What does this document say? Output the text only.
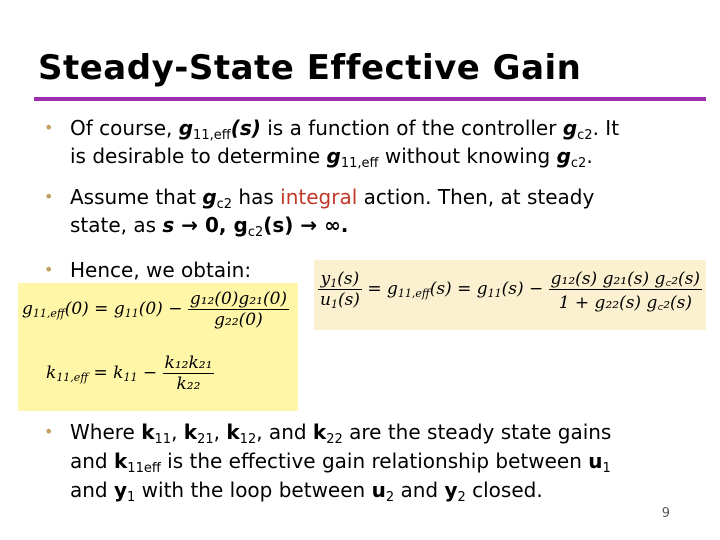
Steady-State Effective Gain
• Of course, $g_{11,eff}(s)$ is a function of the controller $g_{c2}$. It
is desirable to determine $g_{11,eff}$ without knowing $g_{c2}$.
• Assume that $g_{c2}$ has integral action. Then, at steady
state, as s → 0, $g_{c2}(s)$ → ∞.
• Hence, we obtain:	$\frac{y1(s)}{u1(s)} = g11,eff(s) = g11(s) - \frac{\text{g₁₂(s) g₂₁(s) g꜀₂(s)}}{\text{1 + g₂₂(s) g꜀₂(s)}}$
$g11,eff(0) = g11(0) - \frac{\text{g₁₂(0)g₂₁(0)}}{\text{g₂₂(0)}}$
$k11,eff = k11 - \frac{\text{k₁₂k₂₁}}{\text{k₂₂}}$
• Where $k_{11}$, $k_{21}$, $k_{12}$, and $k_{22}$ are the steady state gains
and $k_{11eff}$ is the effective gain relationship between $u_1$
and $y_1$ with the loop between $u_2$ and $y_2$ closed.
9
